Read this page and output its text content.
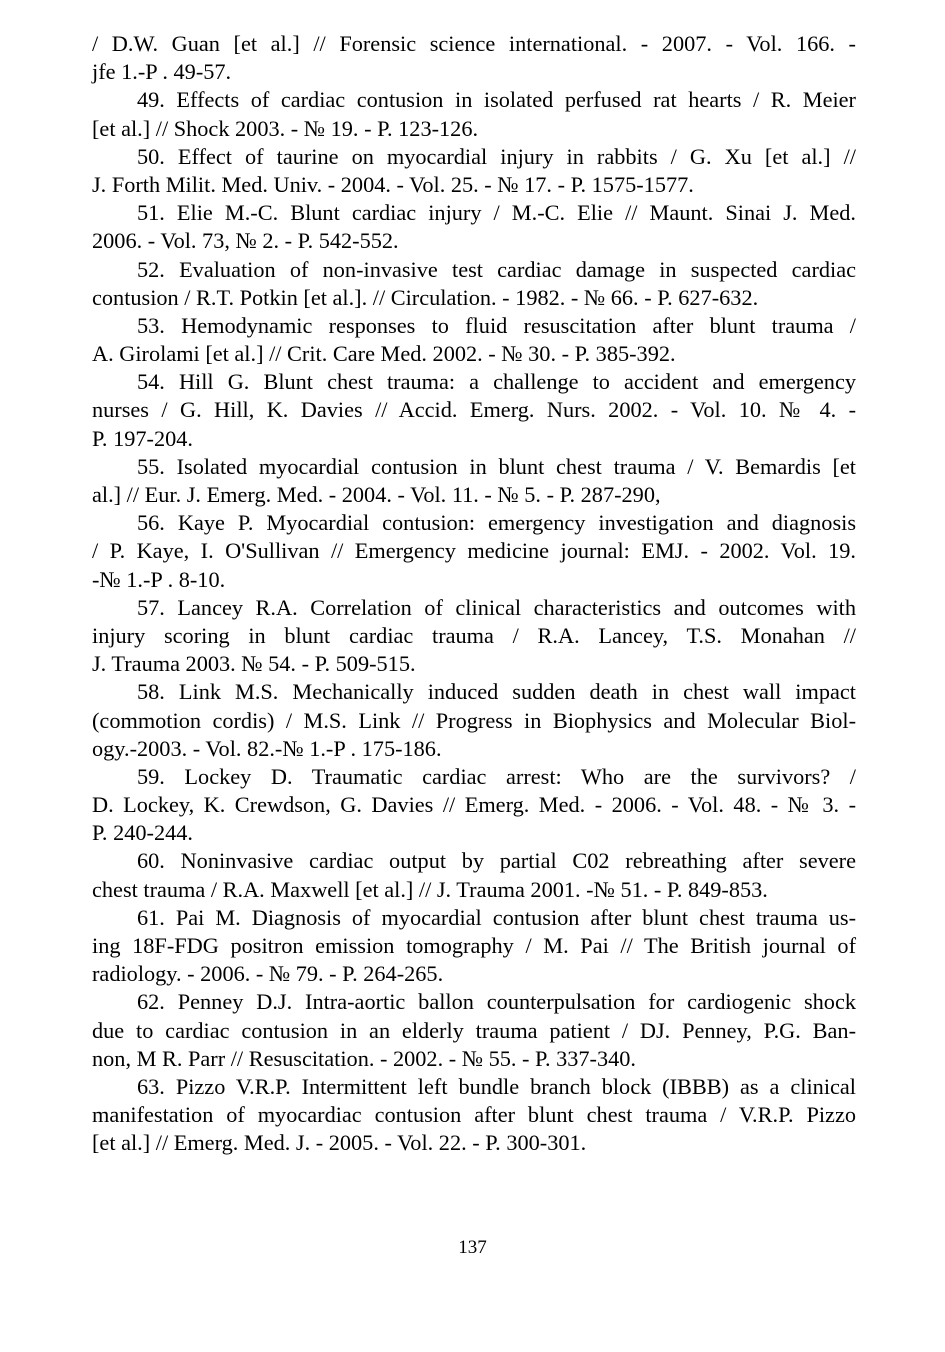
/ D.W. Guan [et al.] // Forensic science international. - 2007. - Vol. 166. -
jfe 1.-P . 49-57.
49. Effects of cardiac contusion in isolated perfused rat hearts / R. Meier
[et al.] // Shock 2003. - № 19. - P. 123-126.
50. Effect of taurine on myocardial injury in rabbits / G. Xu [et al.] //
J. Forth Milit. Med. Univ. - 2004. - Vol. 25. - № 17. - P. 1575-1577.
51. Elie M.-C. Blunt cardiac injury / M.-C. Elie // Maunt. Sinai J. Med.
2006. - Vol. 73, № 2. - P. 542-552.
52. Evaluation of non-invasive test cardiac damage in suspected cardiac
contusion / R.T. Potkin [et al.]. // Circulation. - 1982. - № 66. - P. 627-632.
53. Hemodynamic responses to fluid resuscitation after blunt trauma /
A. Girolami [et al.] // Crit. Care Med. 2002. - № 30. - P. 385-392.
54. Hill G. Blunt chest trauma: a challenge to accident and emergency
nurses / G. Hill, K. Davies // Accid. Emerg. Nurs. 2002. - Vol. 10. № 4. -
P. 197-204.
55. Isolated myocardial contusion in blunt chest trauma / V. Bemardis [et
al.] // Eur. J. Emerg. Med. - 2004. - Vol. 11. - № 5. - P. 287-290,
56. Kaye P. Myocardial contusion: emergency investigation and diagnosis
/ P. Kaye, I. O'Sullivan // Emergency medicine journal: EMJ. - 2002. Vol. 19.
-№ 1.-P . 8-10.
57. Lancey R.A. Correlation of clinical characteristics and outcomes with
injury scoring in blunt cardiac trauma / R.A. Lancey, T.S. Monahan //
J. Trauma 2003. № 54. - P. 509-515.
58. Link M.S. Mechanically induced sudden death in chest wall impact
(commotion cordis) / M.S. Link // Progress in Biophysics and Molecular Biol-
ogy.-2003. - Vol. 82.-№ 1.-P . 175-186.
59. Lockey D. Traumatic cardiac arrest: Who are the survivors? /
D. Lockey, K. Crewdson, G. Davies // Emerg. Med. - 2006. - Vol. 48. - № 3. -
P. 240-244.
60. Noninvasive cardiac output by partial C02 rebreathing after severe
chest trauma / R.A. Maxwell [et al.] // J. Trauma 2001. -№ 51. - P. 849-853.
61. Pai M. Diagnosis of myocardial contusion after blunt chest trauma us-
ing 18F-FDG positron emission tomography / M. Pai // The British journal of
radiology. - 2006. - № 79. - P. 264-265.
62. Penney D.J. Intra-aortic ballon counterpulsation for cardiogenic shock
due to cardiac contusion in an elderly trauma patient / DJ. Penney, P.G. Ban-
non, M R. Parr // Resuscitation. - 2002. - № 55. - P. 337-340.
63. Pizzo V.R.P. Intermittent left bundle branch block (IBBB) as a clinical
manifestation of myocardiac contusion after blunt chest trauma / V.R.P. Pizzo
[et al.] // Emerg. Med. J. - 2005. - Vol. 22. - P. 300-301.
137
